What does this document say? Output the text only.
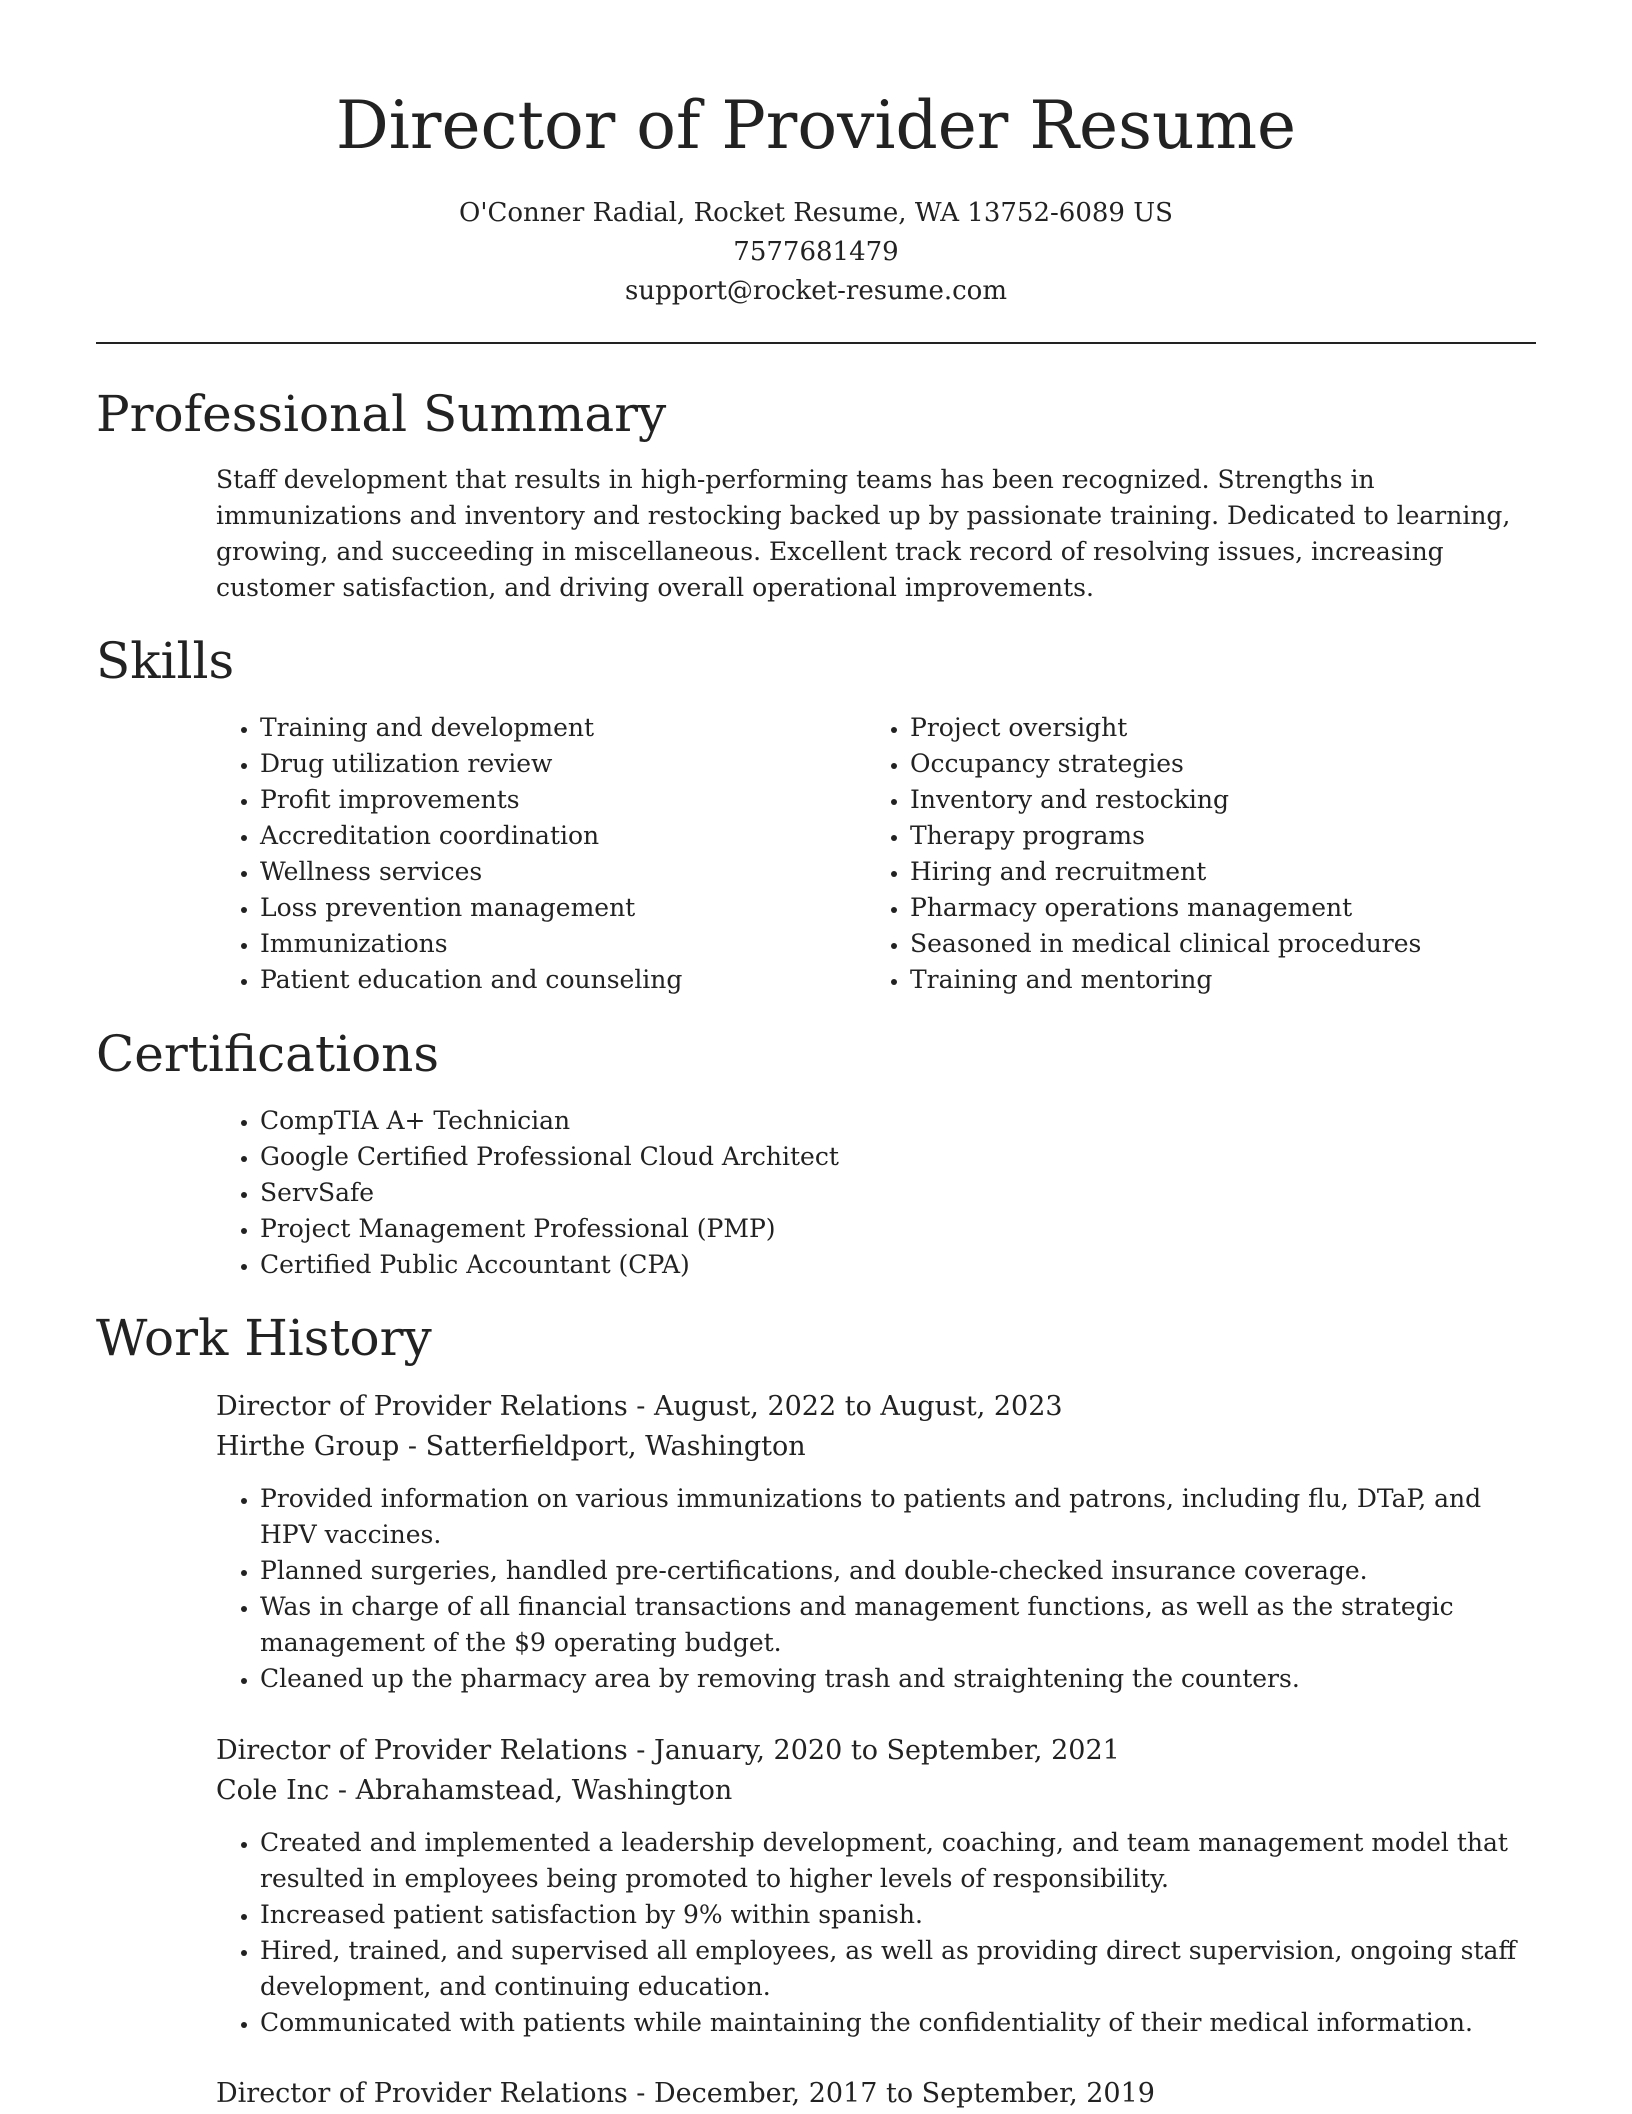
Director of Provider Resume
O'Conner Radial, Rocket Resume, WA 13752-6089 US
7577681479
support@rocket-resume.com
Professional Summary
Staff development that results in high-performing teams has been recognized. Strengths in immunizations and inventory and restocking backed up by passionate training. Dedicated to learning, growing, and succeeding in miscellaneous. Excellent track record of resolving issues, increasing customer satisfaction, and driving overall operational improvements.
Skills
• Training and development
• Drug utilization review
• Profit improvements
• Accreditation coordination
• Wellness services
• Loss prevention management
• Immunizations
• Patient education and counseling
• Project oversight
• Occupancy strategies
• Inventory and restocking
• Therapy programs
• Hiring and recruitment
• Pharmacy operations management
• Seasoned in medical clinical procedures
• Training and mentoring
Certifications
• CompTIA A+ Technician
• Google Certified Professional Cloud Architect
• ServSafe
• Project Management Professional (PMP)
• Certified Public Accountant (CPA)
Work History
Director of Provider Relations - August, 2022 to August, 2023
Hirthe Group - Satterfieldport, Washington
• Provided information on various immunizations to patients and patrons, including flu, DTaP, and HPV vaccines.
• Planned surgeries, handled pre-certifications, and double-checked insurance coverage.
• Was in charge of all financial transactions and management functions, as well as the strategic management of the $9 operating budget.
• Cleaned up the pharmacy area by removing trash and straightening the counters.
Director of Provider Relations - January, 2020 to September, 2021
Cole Inc - Abrahamstead, Washington
• Created and implemented a leadership development, coaching, and team management model that resulted in employees being promoted to higher levels of responsibility.
• Increased patient satisfaction by 9% within spanish.
• Hired, trained, and supervised all employees, as well as providing direct supervision, ongoing staff development, and continuing education.
• Communicated with patients while maintaining the confidentiality of their medical information.
Director of Provider Relations - December, 2017 to September, 2019
